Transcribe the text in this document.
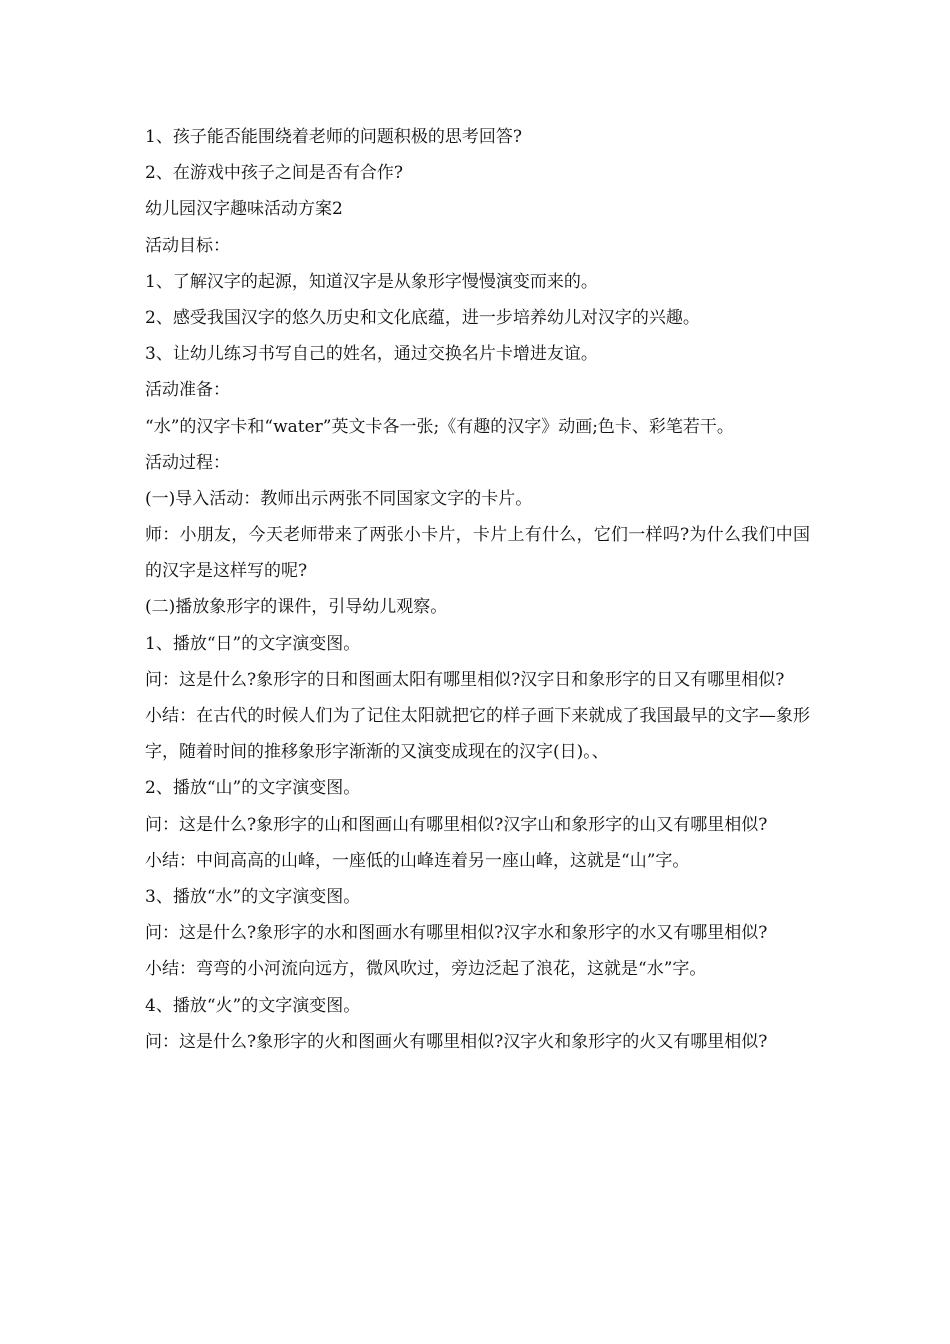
1、孩子能否能围绕着老师的问题积极的思考回答?
2、在游戏中孩子之间是否有合作?
幼儿园汉字趣味活动方案2
活动目标：
1、了解汉字的起源，知道汉字是从象形字慢慢演变而来的。
2、感受我国汉字的悠久历史和文化底蕴，进一步培养幼儿对汉字的兴趣。
3、让幼儿练习书写自己的姓名，通过交换名片卡增进友谊。
活动准备：
“水”的汉字卡和“water”英文卡各一张;《有趣的汉字》动画;色卡、彩笔若干。
活动过程：
(一)导入活动：教师出示两张不同国家文字的卡片。
师：小朋友，今天老师带来了两张小卡片，卡片上有什么，它们一样吗?为什么我们中国的汉字是这样写的呢?
(二)播放象形字的课件，引导幼儿观察。
1、播放“日”的文字演变图。
问：这是什么?象形字的日和图画太阳有哪里相似?汉字日和象形字的日又有哪里相似?
小结：在古代的时候人们为了记住太阳就把它的样子画下来就成了我国最早的文字—象形字，随着时间的推移象形字渐渐的又演变成现在的汉字(日)。、
2、播放“山”的文字演变图。
问：这是什么?象形字的山和图画山有哪里相似?汉字山和象形字的山又有哪里相似?
小结：中间高高的山峰，一座低的山峰连着另一座山峰，这就是“山”字。
3、播放“水”的文字演变图。
问：这是什么?象形字的水和图画水有哪里相似?汉字水和象形字的水又有哪里相似?
小结：弯弯的小河流向远方，微风吹过，旁边泛起了浪花，这就是“水”字。
4、播放“火”的文字演变图。
问：这是什么?象形字的火和图画火有哪里相似?汉字火和象形字的火又有哪里相似?
